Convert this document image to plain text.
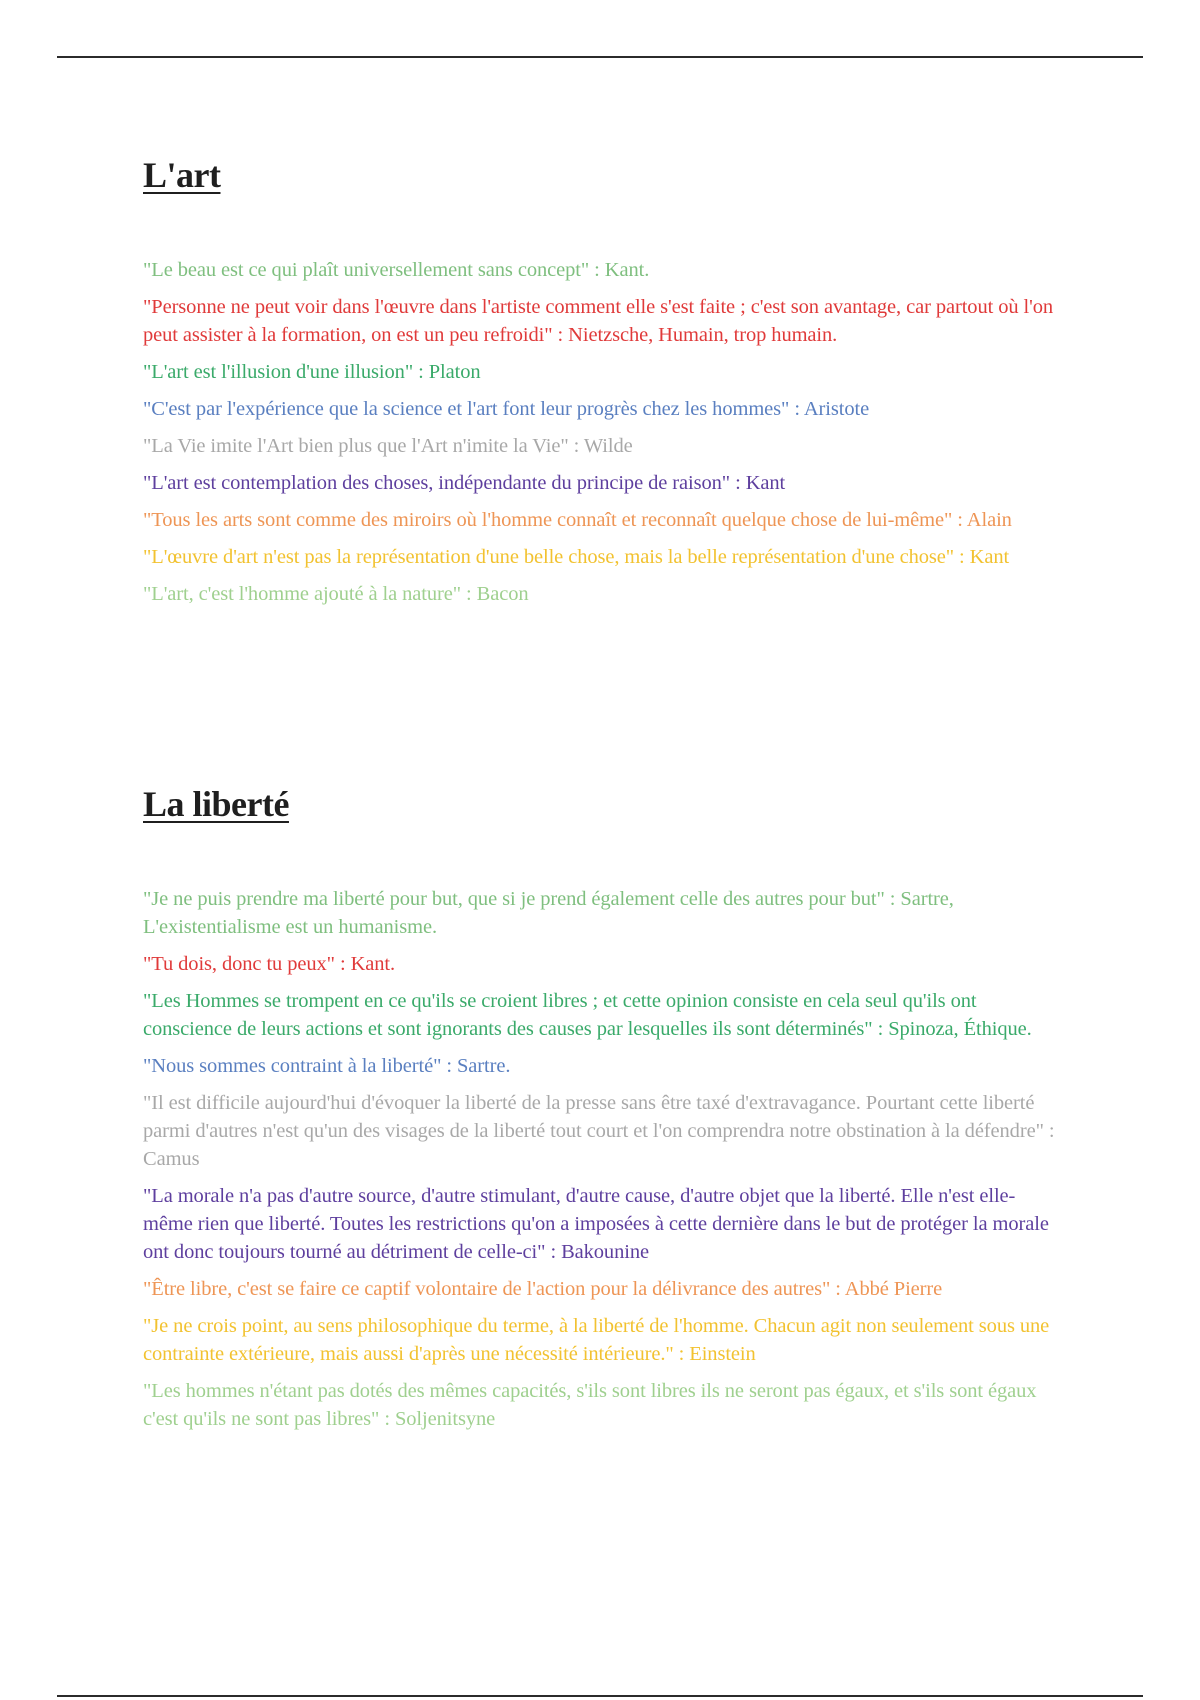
L'art
"Le beau est ce qui plaît universellement sans concept" : Kant.
"Personne ne peut voir dans l'œuvre dans l'artiste comment elle s'est faite ; c'est son avantage, car partout où l'on peut assister à la formation, on est un peu refroidi" : Nietzsche, Humain, trop humain.
"L'art est l'illusion d'une illusion" : Platon
"C'est par l'expérience que la science et l'art font leur progrès chez les hommes" : Aristote
"La Vie imite l'Art bien plus que l'Art n'imite la Vie" : Wilde
"L'art est contemplation des choses, indépendante du principe de raison" : Kant
"Tous les arts sont comme des miroirs où l'homme connaît et reconnaît quelque chose de lui-même" : Alain
"L'œuvre d'art n'est pas la représentation d'une belle chose, mais la belle représentation d'une chose" : Kant
"L'art, c'est l'homme ajouté à la nature" : Bacon
La liberté
"Je ne puis prendre ma liberté pour but, que si je prend également celle des autres pour but" : Sartre, L'existentialisme est un humanisme.
"Tu dois, donc tu peux" : Kant.
"Les Hommes se trompent en ce qu'ils se croient libres ; et cette opinion consiste en cela seul qu'ils ont conscience de leurs actions et sont ignorants des causes par lesquelles ils sont déterminés" : Spinoza, Éthique.
"Nous sommes contraint à la liberté" : Sartre.
"Il est difficile aujourd'hui d'évoquer la liberté de la presse sans être taxé d'extravagance. Pourtant cette liberté parmi d'autres n'est qu'un des visages de la liberté tout court et l'on comprendra notre obstination à la défendre" : Camus
"La morale n'a pas d'autre source, d'autre stimulant, d'autre cause, d'autre objet que la liberté. Elle n'est elle-même rien que liberté. Toutes les restrictions qu'on a imposées à cette dernière dans le but de protéger la morale ont donc toujours tourné au détriment de celle-ci" : Bakounine
"Être libre, c'est se faire ce captif volontaire de l'action pour la délivrance des autres" : Abbé Pierre
"Je ne crois point, au sens philosophique du terme, à la liberté de l'homme. Chacun agit non seulement sous une contrainte extérieure, mais aussi d'après une nécessité intérieure." : Einstein
"Les hommes n'étant pas dotés des mêmes capacités, s'ils sont libres ils ne seront pas égaux, et s'ils sont égaux c'est qu'ils ne sont pas libres" : Soljenitsyne
